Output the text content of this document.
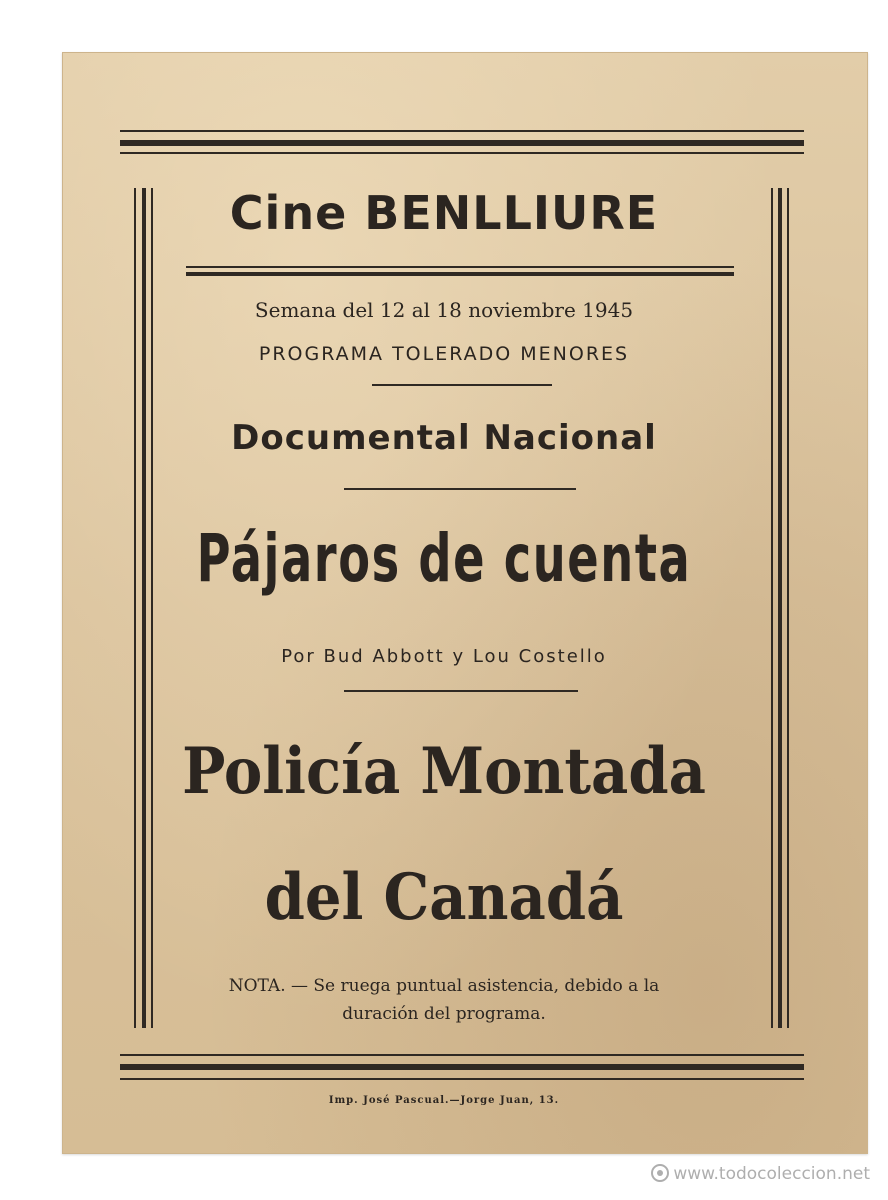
Cine BENLLIURE
Semana del 12 al 18 noviembre 1945
PROGRAMA TOLERADO MENORES
Documental Nacional
Pájaros de cuenta
Por Bud Abbott y Lou Costello
Policía Montada
del Canadá
NOTA. — Se ruega puntual asistencia, debido a la
duración del programa.
Imp. José Pascual.—Jorge Juan, 13.
www.todocoleccion.net
